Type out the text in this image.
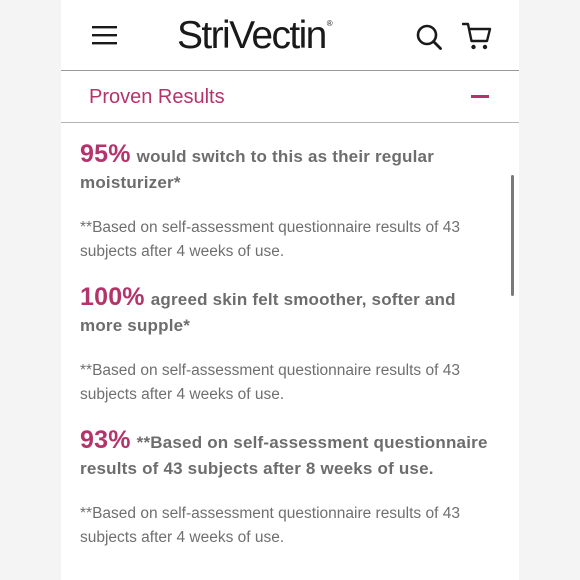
StriVectin®
Proven Results
95% would switch to this as their regular moisturizer*
**Based on self-assessment questionnaire results of 43 subjects after 4 weeks of use.
100% agreed skin felt smoother, softer and more supple*
**Based on self-assessment questionnaire results of 43 subjects after 4 weeks of use.
93% **Based on self-assessment questionnaire results of 43 subjects after 8 weeks of use.
**Based on self-assessment questionnaire results of 43 subjects after 4 weeks of use.
